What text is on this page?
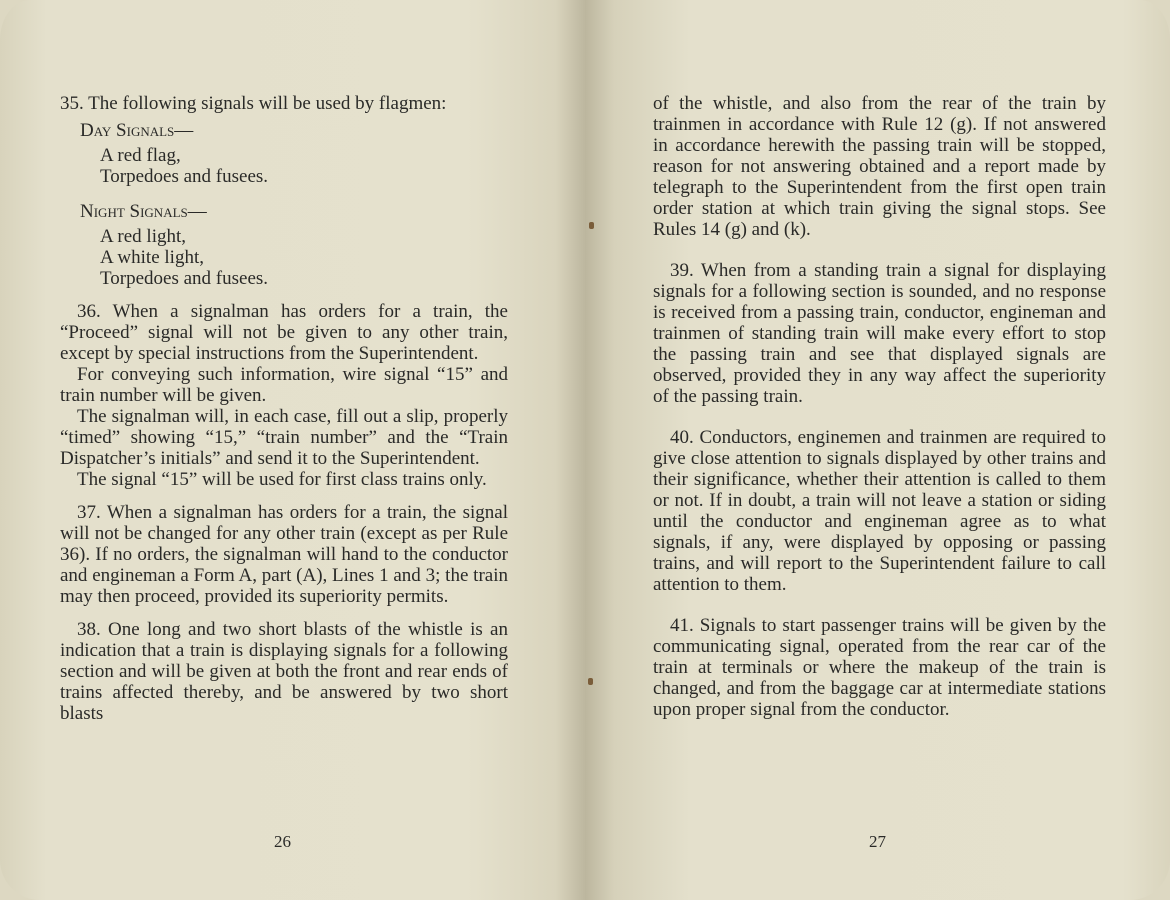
35. The following signals will be used by flagmen:

Day Signals—

A red flag,

Torpedoes and fusees.

Night Signals—

A red light,

A white light,

Torpedoes and fusees.

36. When a signalman has orders for a train, the “Proceed” signal will not be given to any other train, except by special instructions from the Superintendent.

For conveying such information, wire signal “15” and train number will be given.

The signalman will, in each case, fill out a slip, properly “timed” showing “15,” “train number” and the “Train Dispatcher’s initials” and send it to the Superintendent.

The signal “15” will be used for first class trains only.

37. When a signalman has orders for a train, the signal will not be changed for any other train (except as per Rule 36). If no orders, the signalman will hand to the conductor and engineman a Form A, part (A), Lines 1 and 3; the train may then proceed, provided its superiority permits.

38. One long and two short blasts of the whistle is an indication that a train is displaying signals for a following section and will be given at both the front and rear ends of trains affected thereby, and be answered by two short blasts

26

of the whistle, and also from the rear of the train by trainmen in accordance with Rule 12 (g). If not answered in accordance herewith the passing train will be stopped, reason for not answering obtained and a report made by telegraph to the Superintendent from the first open train order station at which train giving the signal stops. See Rules 14 (g) and (k).

39. When from a standing train a signal for displaying signals for a following section is sounded, and no response is received from a passing train, conductor, engineman and trainmen of standing train will make every effort to stop the passing train and see that displayed signals are observed, provided they in any way affect the superiority of the passing train.

40. Conductors, enginemen and trainmen are required to give close attention to signals displayed by other trains and their significance, whether their attention is called to them or not. If in doubt, a train will not leave a station or siding until the conductor and engineman agree as to what signals, if any, were displayed by opposing or passing trains, and will report to the Superintendent failure to call attention to them.

41. Signals to start passenger trains will be given by the communicating signal, operated from the rear car of the train at terminals or where the makeup of the train is changed, and from the baggage car at intermediate stations upon proper signal from the conductor.

27
